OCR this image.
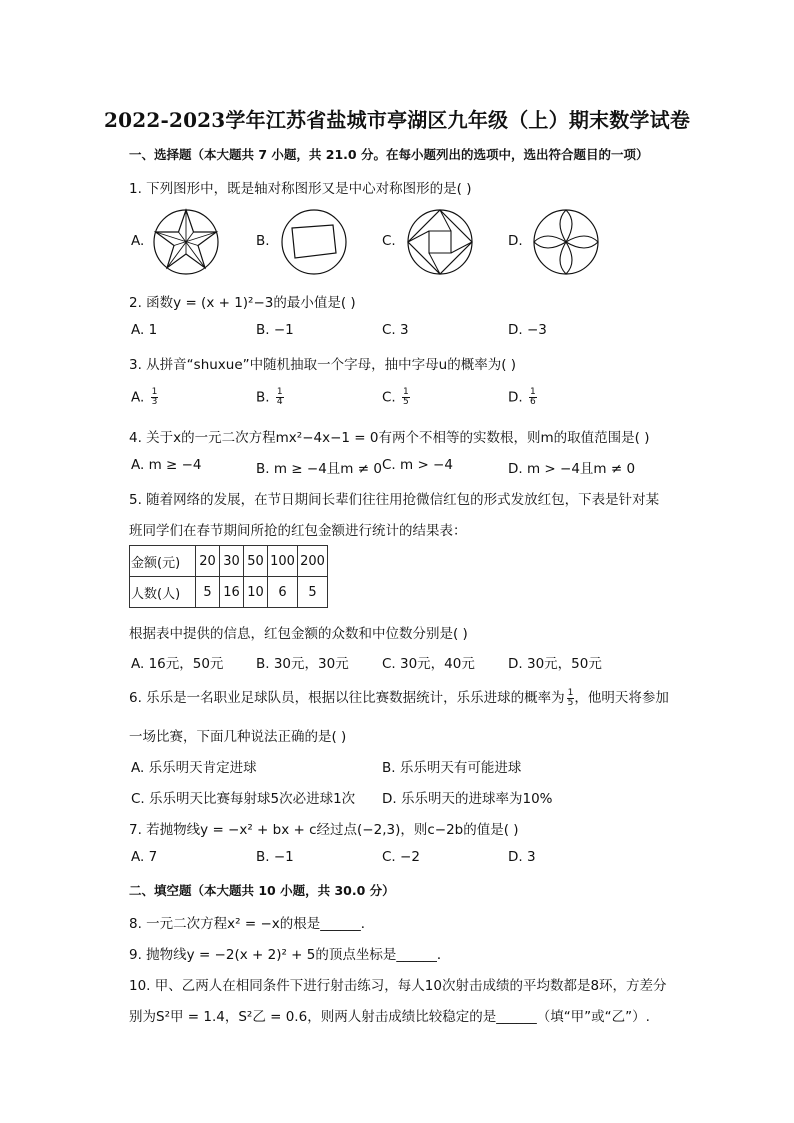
2022-2023学年江苏省盐城市亭湖区九年级（上）期末数学试卷
一、选择题（本大题共 7 小题，共 21.0 分。在每小题列出的选项中，选出符合题目的一项）
1. 下列图形中，既是轴对称图形又是中心对称图形的是( )
A.	B.	C.	D.
2. 函数y = (x + 1)²−3的最小值是( )
A. 1	B. −1	C. 3	D. −3
3. 从拼音“shuxue”中随机抽取一个字母，抽中字母u的概率为( )
A. $\frac{1}{3}$	B. $\frac{1}{4}$	C. $\frac{1}{5}$	D. $\frac{1}{6}$
4. 关于x的一元二次方程mx²−4x−1 = 0有两个不相等的实数根，则m的取值范围是( )
A. m ≥ −4	B. m ≥ −4且m ≠ 0 C. m > −4	D. m > −4且m ≠ 0
5. 随着网络的发展，在节日期间长辈们往往用抢微信红包的形式发放红包，下表是针对某
班同学们在春节期间所抢的红包金额进行统计的结果表：
金额(元)	20	30	50	100	200
人数(人)	5	16	10	6	5
根据表中提供的信息，红包金额的众数和中位数分别是( )
A. 16元，50元 B. 30元，30元 C. 30元，40元 D. 30元，50元
6. 乐乐是一名职业足球队员，根据以往比赛数据统计，乐乐进球的概率为 $\frac{1}{5}$ ，他明天将参加
一场比赛，下面几种说法正确的是( )
A. 乐乐明天肯定进球	B. 乐乐明天有可能进球
C. 乐乐明天比赛每射球5次必进球1次 D. 乐乐明天的进球率为10%
7. 若抛物线y = −x² + bx + c经过点(−2,3)，则c−2b的值是( )
A. 7	B. −1	C. −2	D. 3
二、填空题（本大题共 10 小题，共 30.0 分）
8. 一元二次方程x² = −x的根是______．
9. 抛物线y = −2(x + 2)² + 5的顶点坐标是______．
10. 甲、乙两人在相同条件下进行射击练习，每人10次射击成绩的平均数都是8环，方差分
别为S²甲 = 1.4，S²乙 = 0.6，则两人射击成绩比较稳定的是______（填“甲”或“乙”）.
